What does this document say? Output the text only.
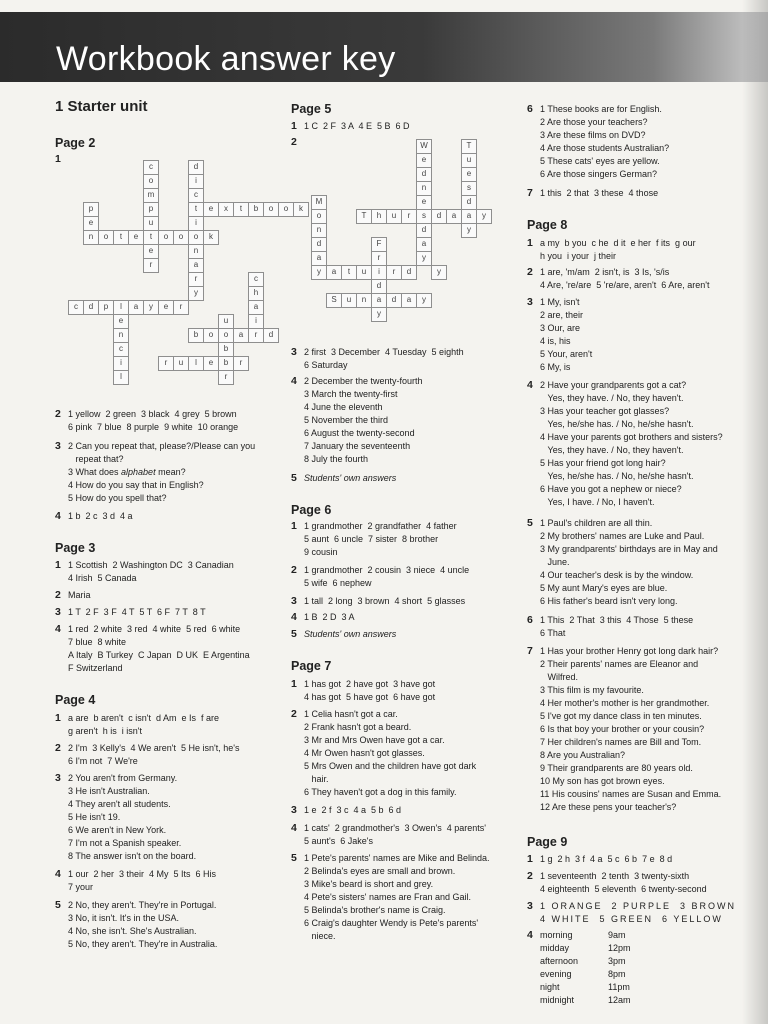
Workbook answer key
1 Starter unit
Page 2
1
c
o
m
p
u
t
e
r
d
i
c
t
i
o
n
a
r
y
e	x	t	b	o	o	k
p
e
n	o	t	e	o	o	k
c
h
a
i
r
c	d	p	l	a	y	e	r
e
n
c
i
l
u
o
b
b
r
b	o	a	d
r	u	l	e	r
2 1 yellow  2 green  3 black  4 grey  5 brown
6 pink  7 blue  8 purple  9 white  10 orange
3 2 Can you repeat that, please?/Please can you
repeat that?
3 What does alphabet mean?
4 How do you say that in English?
5 How do you spell that?
4 1 b  2 c  3 d  4 a
Page 3
1 1 Scottish  2 Washington DC  3 Canadian
4 Irish  5 Canada
2 Maria
3 1 T  2 F  3 F  4 T  5 T  6 F  7 T  8 T
4 1 red  2 white  3 red  4 white  5 red  6 white
7 blue  8 white
A Italy  B Turkey  C Japan  D UK  E Argentina
F Switzerland
Page 4
1 a are  b aren't  c isn't  d Am  e Is  f are
g aren't  h is  i isn't
2 2 I'm  3 Kelly's  4 We aren't  5 He isn't, he's
6 I'm not  7 We're
3 2 You aren't from Germany.
3 He isn't Australian.
4 They aren't all students.
5 He isn't 19.
6 We aren't in New York.
7 I'm not a Spanish speaker.
8 The answer isn't on the board.
4 1 our  2 her  3 their  4 My  5 Its  6 His
7 your
5 2 No, they aren't. They're in Portugal.
3 No, it isn't. It's in the USA.
4 No, she isn't. She's Australian.
5 No, they aren't. They're in Australia.
Page 5
1 1 C  2 F  3 A  4 E  5 B  6 D
2	W
e
d
n
e
s
d
a
y
T
u
e
s
d
a
y
M
o
n
d
a
y
T	h	u	r	d	a	y
F
r
i
d
a
y
a	t	u	r	d	y
S	u	n	d	a	y
3 2 first  3 December  4 Tuesday  5 eighth
6 Saturday
4 2 December the twenty-fourth
3 March the twenty-first
4 June the eleventh
5 November the third
6 August the twenty-second
7 January the seventeenth
8 July the fourth
5 Students' own answers
Page 6
1 1 grandmother  2 grandfather  4 father
5 aunt  6 uncle  7 sister  8 brother
9 cousin
2 1 grandmother  2 cousin  3 niece  4 uncle
5 wife  6 nephew
3 1 tall  2 long  3 brown  4 short  5 glasses
4 1 B  2 D  3 A
5 Students' own answers
Page 7
1 1 has got  2 have got  3 have got
4 has got  5 have got  6 have got
2 1 Celia hasn't got a car.
2 Frank hasn't got a beard.
3 Mr and Mrs Owen have got a car.
4 Mr Owen hasn't got glasses.
5 Mrs Owen and the children have got dark
hair.
6 They haven't got a dog in this family.
3 1 e  2 f  3 c  4 a  5 b  6 d
4 1 cats'  2 grandmother's  3 Owen's  4 parents'
5 aunt's  6 Jake's
5 1 Pete's parents' names are Mike and Belinda.
2 Belinda's eyes are small and brown.
3 Mike's beard is short and grey.
4 Pete's sisters' names are Fran and Gail.
5 Belinda's brother's name is Craig.
6 Craig's daughter Wendy is Pete's parents'
niece.
6 1 These books are for English.
2 Are those your teachers?
3 Are these films on DVD?
4 Are those students Australian?
5 These cats' eyes are yellow.
6 Are those singers German?
7 1 this  2 that  3 these  4 those
Page 8
1 a my  b you  c he  d it  e her  f its  g our
h you  i your  j their
2 1 are, 'm/am  2 isn't, is  3 Is, 's/is
4 Are, 're/are  5 're/are, aren't  6 Are, aren't
3 1 My, isn't
2 are, their
3 Our, are
4 is, his
5 Your, aren't
6 My, is
4 2 Have your grandparents got a cat?
Yes, they have. / No, they haven't.
3 Has your teacher got glasses?
Yes, he/she has. / No, he/she hasn't.
4 Have your parents got brothers and sisters?
Yes, they have. / No, they haven't.
5 Has your friend got long hair?
Yes, he/she has. / No, he/she hasn't.
6 Have you got a nephew or niece?
Yes, I have. / No, I haven't.
5 1 Paul's children are all thin.
2 My brothers' names are Luke and Paul.
3 My grandparents' birthdays are in May and
June.
4 Our teacher's desk is by the window.
5 My aunt Mary's eyes are blue.
6 His father's beard isn't very long.
6 1 This  2 That  3 this  4 Those  5 these
6 That
7 1 Has your brother Henry got long dark hair?
2 Their parents' names are Eleanor and
Wilfred.
3 This film is my favourite.
4 Her mother's mother is her grandmother.
5 I've got my dance class in ten minutes.
6 Is that boy your brother or your cousin?
7 Her children's names are Bill and Tom.
8 Are you Australian?
9 Their grandparents are 80 years old.
10 My son has got brown eyes.
11 His cousins' names are Susan and Emma.
12 Are these pens your teacher's?
Page 9
1 1 g  2 h  3 f  4 a  5 c  6 b  7 e  8 d
2 1 seventeenth  2 tenth  3 twenty-sixth
4 eighteenth  5 eleventh  6 twenty-second
3 1 ORANGE  2 PURPLE  3 BROWN
4 WHITE  5 GREEN  6 YELLOW
4 morning	9am
midday	12pm
afternoon	3pm
evening	8pm
night	11pm
midnight	12am
